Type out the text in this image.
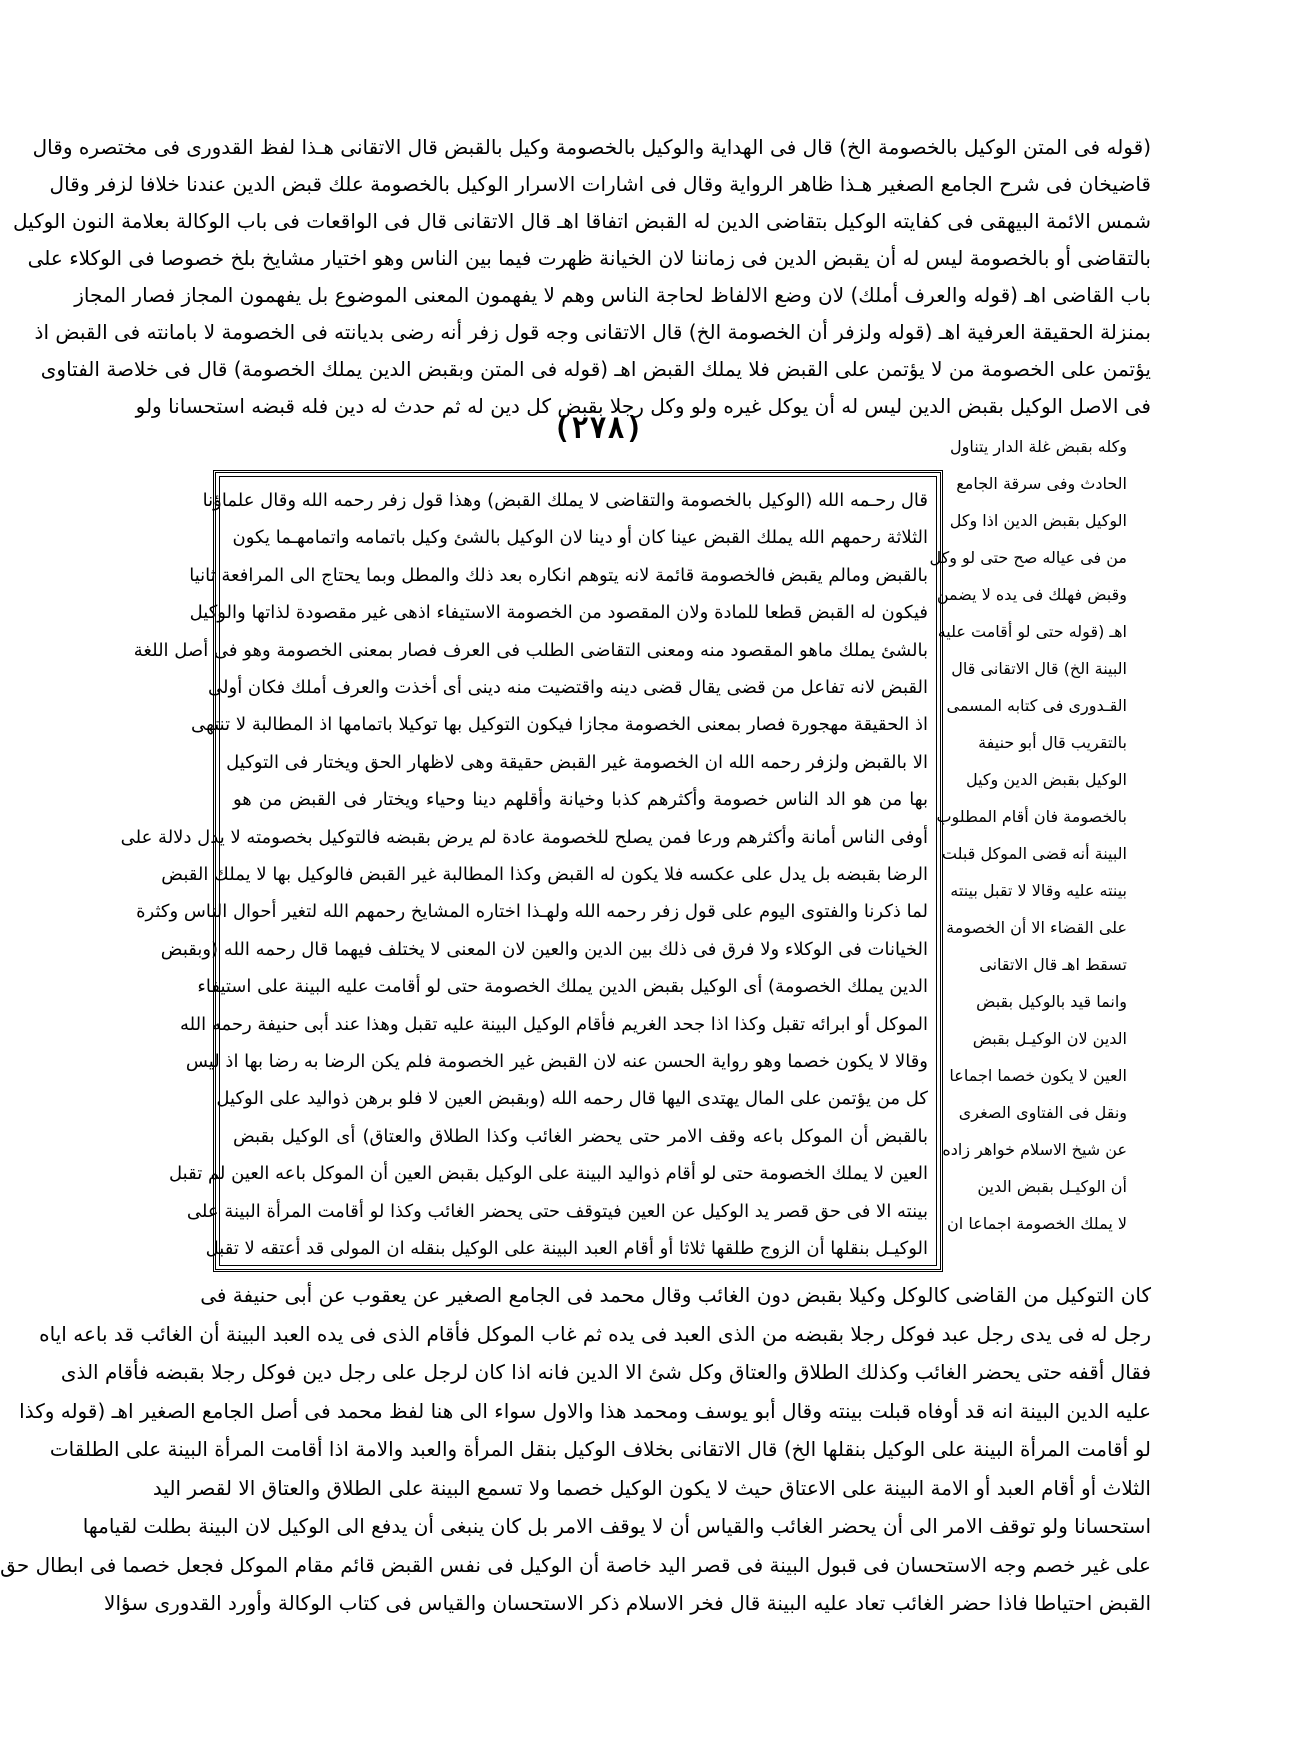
(٢٧٨)
(قوله فى المتن الوكيل بالخصومة الخ) قال فى الهداية والوكيل بالخصومة وكيل بالقبض قال الاتقانى هـذا لفظ القدورى فى مختصره وقال
قاضيخان فى شرح الجامع الصغير هـذا ظاهر الرواية وقال فى اشارات الاسرار الوكيل بالخصومة علك قبض الدين عندنا خلافا لزفر وقال
شمس الائمة البيهقى فى كفايته الوكيل بتقاضى الدين له القبض اتفاقا اهـ قال الاتقانى قال فى الواقعات فى باب الوكالة بعلامة النون الوكيل
بالتقاضى أو بالخصومة ليس له أن يقبض الدين فى زماننا لان الخيانة ظهرت فيما بين الناس وهو اختيار مشايخ بلخ خصوصا فى الوكلاء على
باب القاضى اهـ (قوله والعرف أملك) لان وضع الالفاظ لحاجة الناس وهم لا يفهمون المعنى الموضوع بل يفهمون المجاز فصار المجاز
بمنزلة الحقيقة العرفية اهـ (قوله ولزفر أن الخصومة الخ) قال الاتقانى وجه قول زفر أنه رضى بديانته فى الخصومة لا بامانته فى القبض اذ
يؤتمن على الخصومة من لا يؤتمن على القبض فلا يملك القبض اهـ (قوله فى المتن وبقبض الدين يملك الخصومة) قال فى خلاصة الفتاوى
فى الاصل الوكيل بقبض الدين ليس له أن يوكل غيره ولو وكل رجلا بقبض كل دين له ثم حدث له دين فله قبضه استحسانا ولو
وكله بقبض غلة الدار يتناول
الحادث وفى سرقة الجامع
الوكيل بقبض الدين اذا وكل
من فى عياله صح حتى لو وكل
وقبض فهلك فى يده لا يضمن
اهـ (قوله حتى لو أقامت عليه
البينة الخ) قال الاتقانى قال
القـدورى فى كتابه المسمى
بالتقريب قال أبو حنيفة
الوكيل بقبض الدين وكيل
بالخصومة فان أقام المطلوب
البينة أنه قضى الموكل قبلت
بينته عليه وقالا لا تقبل بينته
على القضاء الا أن الخصومة
تسقط اهـ قال الاتقانى
وانما قيد بالوكيل بقبض
الدين لان الوكيـل بقبض
العين لا يكون خصما اجماعا
ونقل فى الفتاوى الصغرى
عن شيخ الاسلام خواهر زاده
أن الوكيـل بقبض الدين
لا يملك الخصومة اجماعا ان
قال رحـمه الله (الوكيل بالخصومة والتقاضى لا يملك القبض) وهذا قول زفر رحمه الله وقال علماؤنا
الثلاثة رحمهم الله يملك القبض عينا كان أو دينا لان الوكيل بالشئ وكيل باتمامه واتمامهـما يكون
بالقبض ومالم يقبض فالخصومة قائمة لانه يتوهم انكاره بعد ذلك والمطل وبما يحتاج الى المرافعة ثانيا
فيكون له القبض قطعا للمادة ولان المقصود من الخصومة الاستيفاء اذهى غير مقصودة لذاتها والوكيل
بالشئ يملك ماهو المقصود منه ومعنى التقاضى الطلب فى العرف فصار بمعنى الخصومة وهو فى أصل اللغة
القبض لانه تفاعل من قضى يقال قضى دينه واقتضيت منه دينى أى أخذت والعرف أملك فكان أولى
اذ الحقيقة مهجورة فصار بمعنى الخصومة مجازا فيكون التوكيل بها توكيلا باتمامها اذ المطالبة لا تنتهى
الا بالقبض ولزفر رحمه الله ان الخصومة غير القبض حقيقة وهى لاظهار الحق ويختار فى التوكيل
بها من هو الد الناس خصومة وأكثرهم كذبا وخيانة وأقلهم دينا وحياء ويختار فى القبض من هو
أوفى الناس أمانة وأكثرهم ورعا فمن يصلح للخصومة عادة لم يرض بقبضه فالتوكيل بخصومته لا يدل دلالة على
الرضا بقبضه بل يدل على عكسه فلا يكون له القبض وكذا المطالبة غير القبض فالوكيل بها لا يملك القبض
لما ذكرنا والفتوى اليوم على قول زفر رحمه الله ولهـذا اختاره المشايخ رحمهم الله لتغير أحوال الناس وكثرة
الخيانات فى الوكلاء ولا فرق فى ذلك بين الدين والعين لان المعنى لا يختلف فيهما قال رحمه الله (وبقبض
الدين يملك الخصومة) أى الوكيل بقبض الدين يملك الخصومة حتى لو أقامت عليه البينة على استيفاء
الموكل أو ابرائه تقبل وكذا اذا جحد الغريم فأقام الوكيل البينة عليه تقبل وهذا عند أبى حنيفة رحمه الله
وقالا لا يكون خصما وهو رواية الحسن عنه لان القبض غير الخصومة فلم يكن الرضا به رضا بها اذ ليس
كل من يؤتمن على المال يهتدى اليها قال رحمه الله (وبقبض العين لا فلو برهن ذواليد على الوكيل
بالقبض أن الموكل باعه وقف الامر حتى يحضر الغائب وكذا الطلاق والعتاق) أى الوكيل بقبض
العين لا يملك الخصومة حتى لو أقام ذواليد البينة على الوكيل بقبض العين أن الموكل باعه العين لم تقبل
بينته الا فى حق قصر يد الوكيل عن العين فيتوقف حتى يحضر الغائب وكذا لو أقامت المرأة البينة على
الوكيـل بنقلها أن الزوج طلقها ثلاثا أو أقام العبد البينة على الوكيل بنقله ان المولى قد أعتقه لا تقبل
كان التوكيل من القاضى كالوكل وكيلا بقبض دون الغائب وقال محمد فى الجامع الصغير عن يعقوب عن أبى حنيفة فى
رجل له فى يدى رجل عبد فوكل رجلا بقبضه من الذى العبد فى يده ثم غاب الموكل فأقام الذى فى يده العبد البينة أن الغائب قد باعه اياه
فقال أقفه حتى يحضر الغائب وكذلك الطلاق والعتاق وكل شئ الا الدين فانه اذا كان لرجل على رجل دين فوكل رجلا بقبضه فأقام الذى
عليه الدين البينة انه قد أوفاه قبلت بينته وقال أبو يوسف ومحمد هذا والاول سواء الى هنا لفظ محمد فى أصل الجامع الصغير اهـ (قوله وكذا
لو أقامت المرأة البينة على الوكيل بنقلها الخ) قال الاتقانى بخلاف الوكيل بنقل المرأة والعبد والامة اذا أقامت المرأة البينة على الطلقات
الثلاث أو أقام العبد أو الامة البينة على الاعتاق حيث لا يكون الوكيل خصما ولا تسمع البينة على الطلاق والعتاق الا لقصر اليد
استحسانا ولو توقف الامر الى أن يحضر الغائب والقياس أن لا يوقف الامر بل كان ينبغى أن يدفع الى الوكيل لان البينة بطلت لقيامها
على غير خصم وجه الاستحسان فى قبول البينة فى قصر اليد خاصة أن الوكيل فى نفس القبض قائم مقام الموكل فجعل خصما فى ابطال حق
القبض احتياطا فاذا حضر الغائب تعاد عليه البينة قال فخر الاسلام ذكر الاستحسان والقياس فى كتاب الوكالة وأورد القدورى سؤالا
